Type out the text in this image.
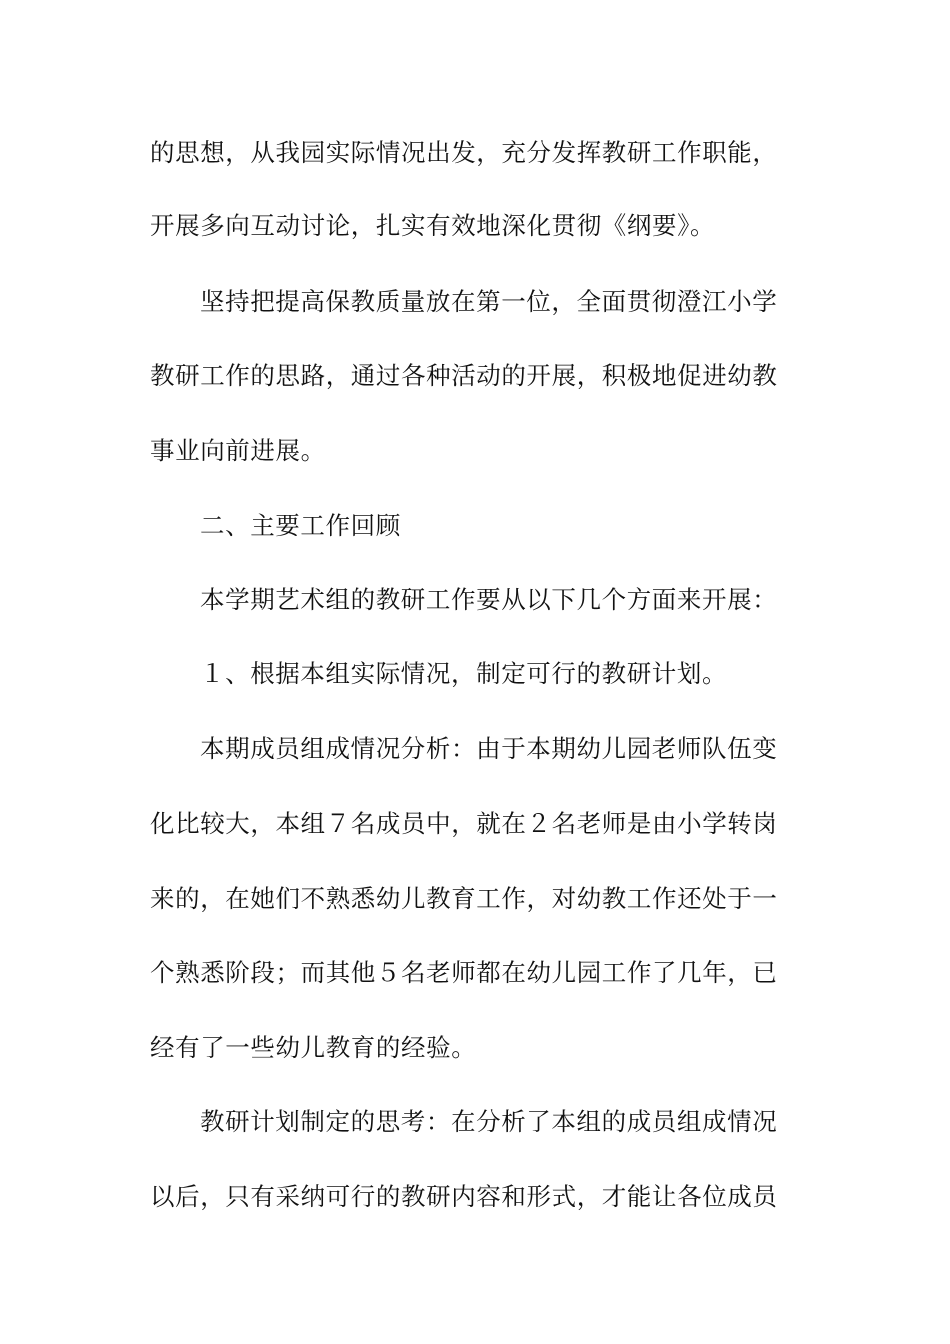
的思想，从我园实际情况出发，充分发挥教研工作职能，
开展多向互动讨论，扎实有效地深化贯彻《纲要》。
坚持把提高保教质量放在第一位，全面贯彻澄江小学
教研工作的思路，通过各种活动的开展，积极地促进幼教
事业向前进展。
二、主要工作回顾
本学期艺术组的教研工作要从以下几个方面来开展：
１、根据本组实际情况，制定可行的教研计划。
本期成员组成情况分析：由于本期幼儿园老师队伍变
化比较大，本组７名成员中，就在２名老师是由小学转岗
来的，在她们不熟悉幼儿教育工作，对幼教工作还处于一
个熟悉阶段；而其他５名老师都在幼儿园工作了几年，已
经有了一些幼儿教育的经验。
教研计划制定的思考：在分析了本组的成员组成情况
以后，只有采纳可行的教研内容和形式，才能让各位成员
